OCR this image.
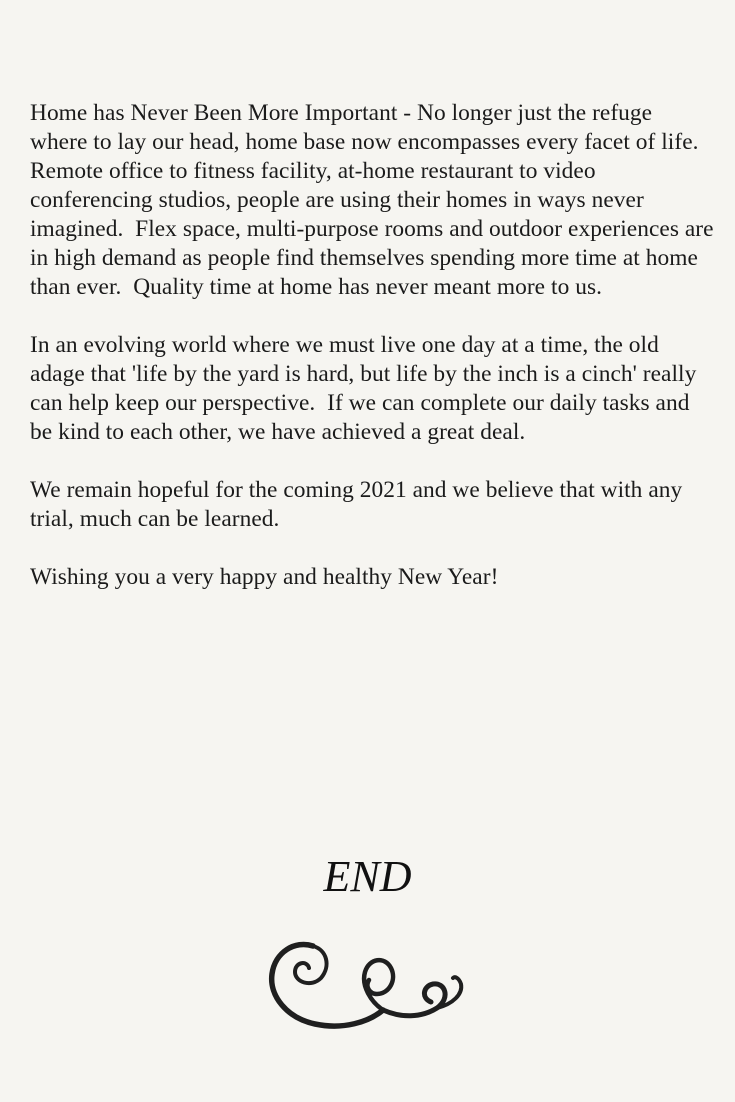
Home has Never Been More Important - No longer just the refuge where to lay our head, home base now encompasses every facet of life.  Remote office to fitness facility, at-home restaurant to video conferencing studios, people are using their homes in ways never imagined.  Flex space, multi-purpose rooms and outdoor experiences are in high demand as people find themselves spending more time at home than ever.  Quality time at home has never meant more to us.

In an evolving world where we must live one day at a time, the old adage that 'life by the yard is hard, but life by the inch is a cinch' really can help keep our perspective.  If we can complete our daily tasks and be kind to each other, we have achieved a great deal.

We remain hopeful for the coming 2021 and we believe that with any trial, much can be learned.

Wishing you a very happy and healthy New Year!

END
